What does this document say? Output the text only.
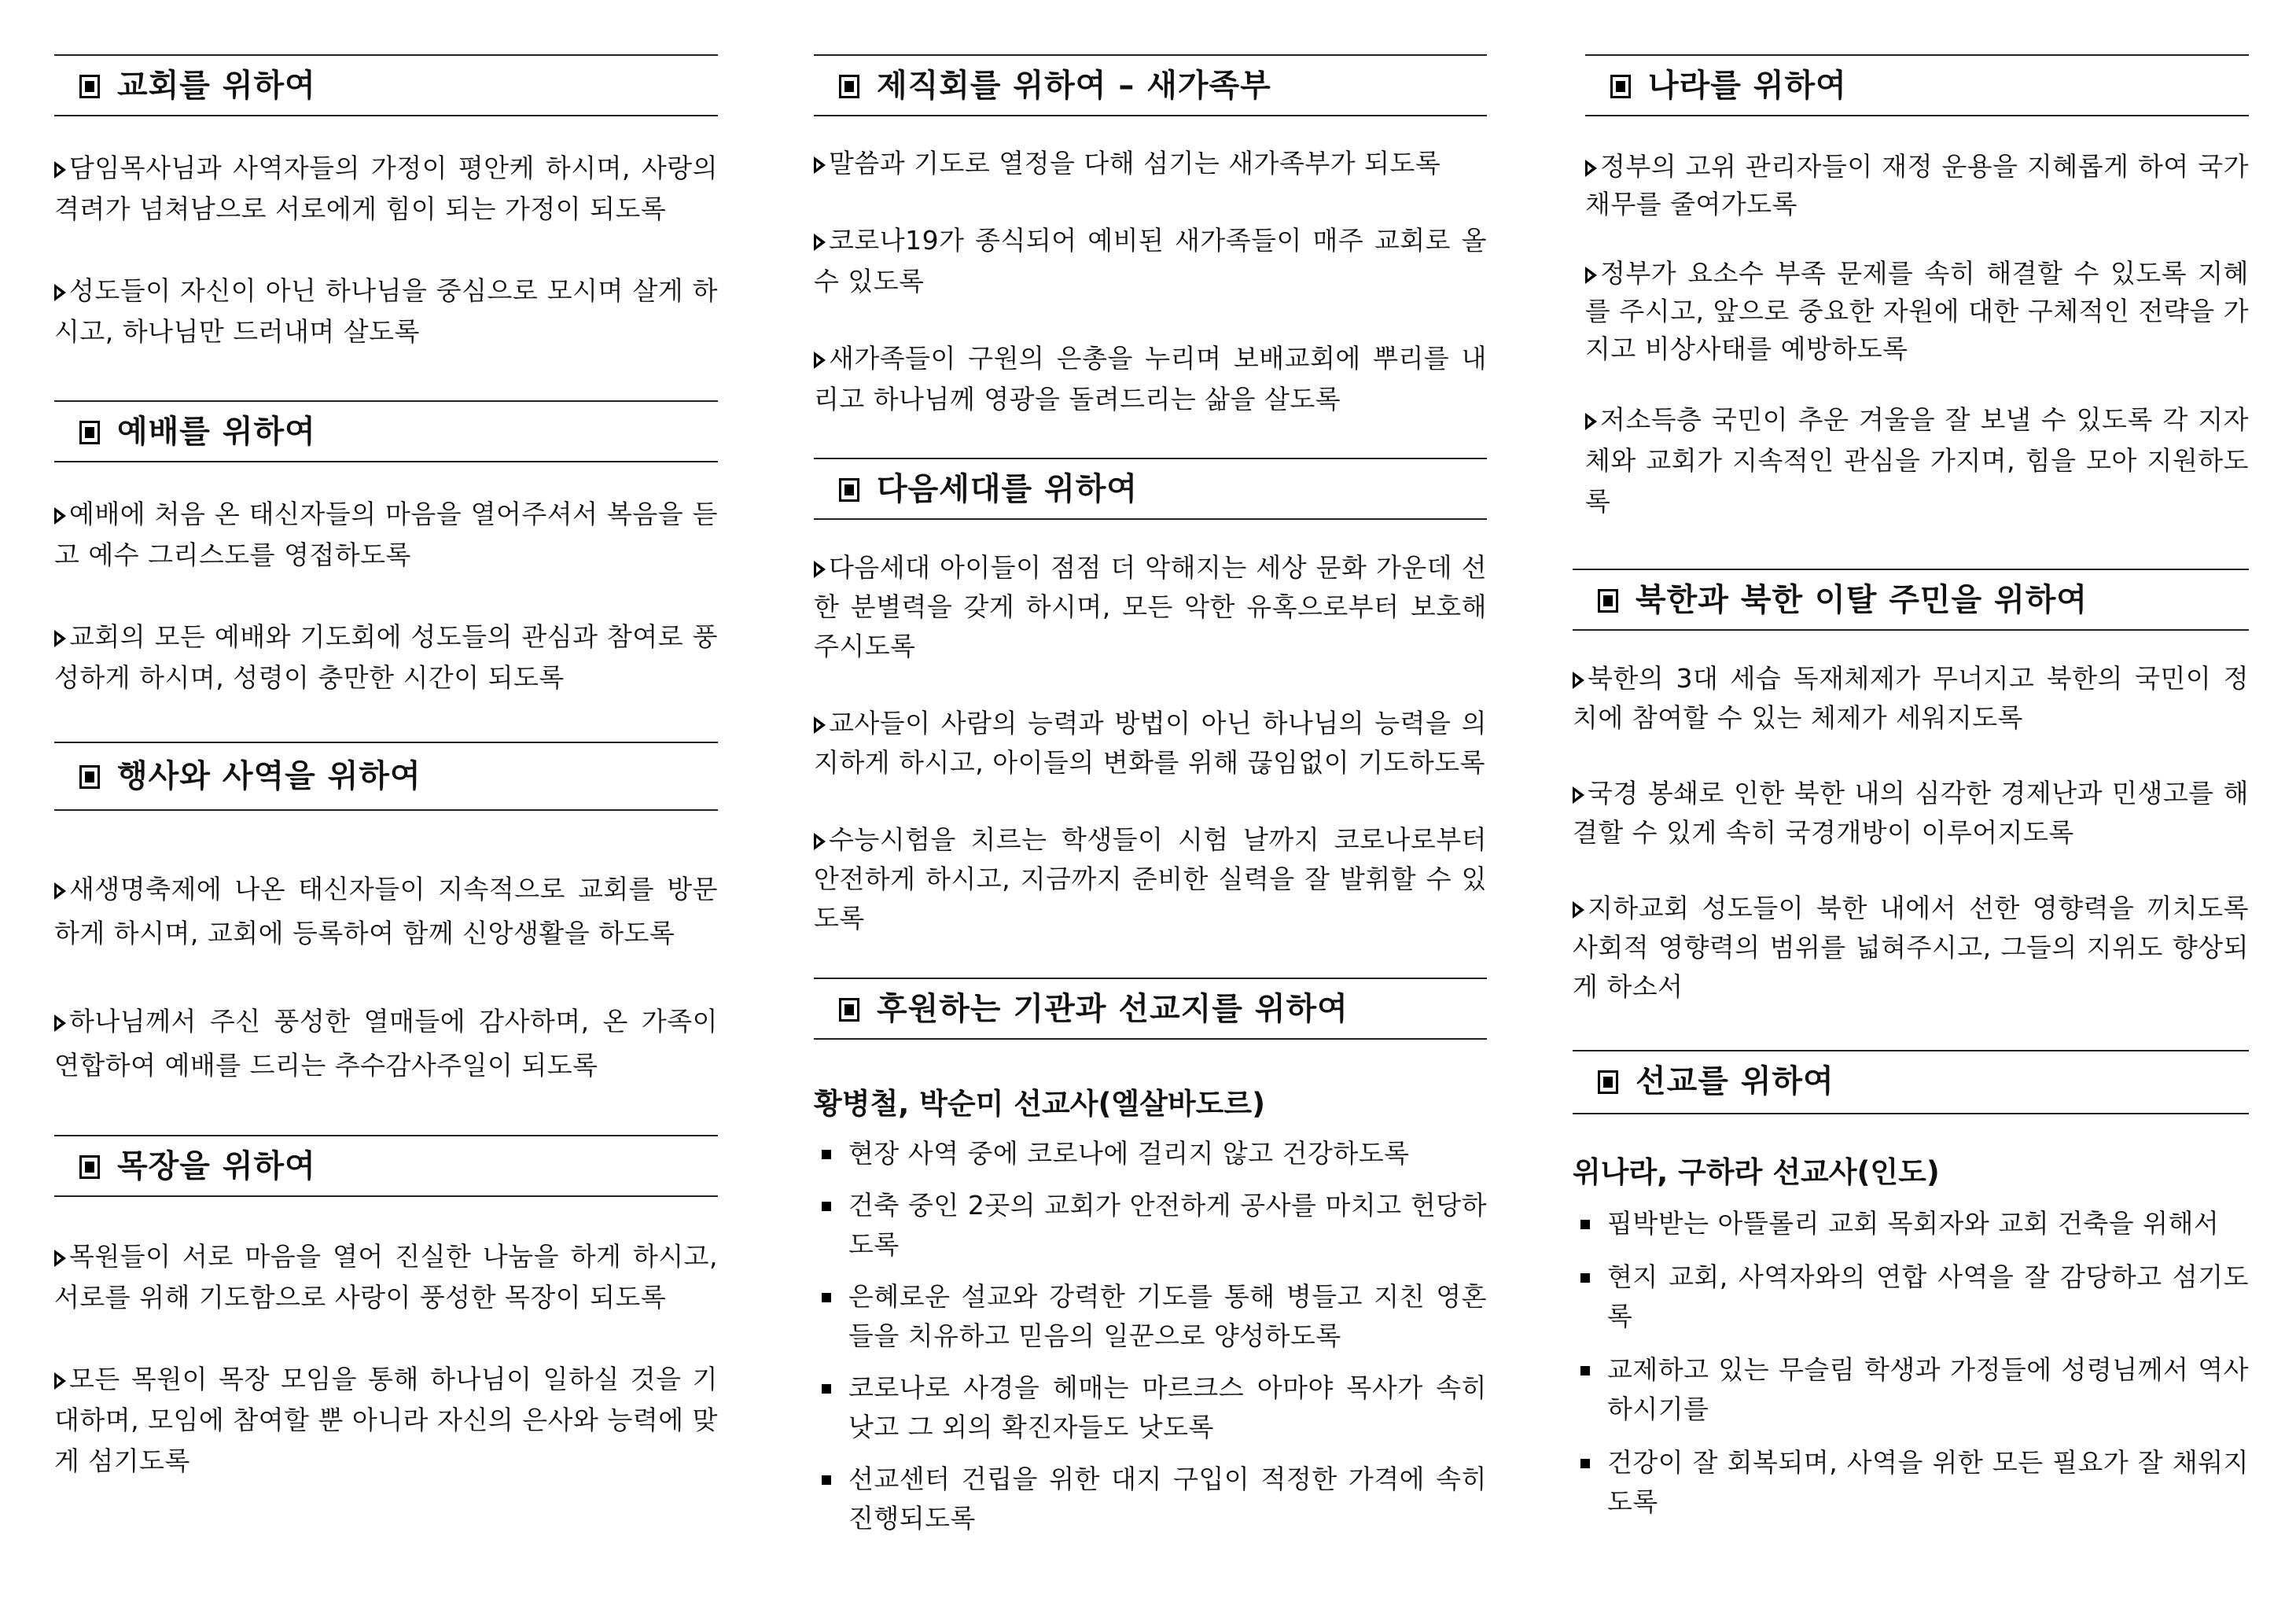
교회를 위하여

담임목사님과 사역자들의 가정이 평안케 하시며, 사랑의 격려가 넘쳐남으로 서로에게 힘이 되는 가정이 되도록

성도들이 자신이 아닌 하나님을 중심으로 모시며 살게 하시고, 하나님만 드러내며 살도록

예배를 위하여

예배에 처음 온 태신자들의 마음을 열어주셔서 복음을 듣고 예수 그리스도를 영접하도록

교회의 모든 예배와 기도회에 성도들의 관심과 참여로 풍성하게 하시며, 성령이 충만한 시간이 되도록

행사와 사역을 위하여

새생명축제에 나온 태신자들이 지속적으로 교회를 방문하게 하시며, 교회에 등록하여 함께 신앙생활을 하도록

하나님께서 주신 풍성한 열매들에 감사하며, 온 가족이 연합하여 예배를 드리는 추수감사주일이 되도록

목장을 위하여

목원들이 서로 마음을 열어 진실한 나눔을 하게 하시고, 서로를 위해 기도함으로 사랑이 풍성한 목장이 되도록

모든 목원이 목장 모임을 통해 하나님이 일하실 것을 기대하며, 모임에 참여할 뿐 아니라 자신의 은사와 능력에 맞게 섬기도록

제직회를 위하여 – 새가족부

말씀과 기도로 열정을 다해 섬기는 새가족부가 되도록

코로나19가 종식되어 예비된 새가족들이 매주 교회로 올 수 있도록

새가족들이 구원의 은총을 누리며 보배교회에 뿌리를 내리고 하나님께 영광을 돌려드리는 삶을 살도록

다음세대를 위하여

다음세대 아이들이 점점 더 악해지는 세상 문화 가운데 선한 분별력을 갖게 하시며, 모든 악한 유혹으로부터 보호해주시도록

교사들이 사람의 능력과 방법이 아닌 하나님의 능력을 의지하게 하시고, 아이들의 변화를 위해 끊임없이 기도하도록

수능시험을 치르는 학생들이 시험 날까지 코로나로부터 안전하게 하시고, 지금까지 준비한 실력을 잘 발휘할 수 있도록

후원하는 기관과 선교지를 위하여

황병철, 박순미 선교사(엘살바도르)

현장 사역 중에 코로나에 걸리지 않고 건강하도록

건축 중인 2곳의 교회가 안전하게 공사를 마치고 헌당하도록

은혜로운 설교와 강력한 기도를 통해 병들고 지친 영혼들을 치유하고 믿음의 일꾼으로 양성하도록

코로나로 사경을 헤매는 마르크스 아마야 목사가 속히 낫고 그 외의 확진자들도 낫도록

선교센터 건립을 위한 대지 구입이 적정한 가격에 속히 진행되도록

나라를 위하여

정부의 고위 관리자들이 재정 운용을 지혜롭게 하여 국가채무를 줄여가도록

정부가 요소수 부족 문제를 속히 해결할 수 있도록 지혜를 주시고, 앞으로 중요한 자원에 대한 구체적인 전략을 가지고 비상사태를 예방하도록

저소득층 국민이 추운 겨울을 잘 보낼 수 있도록 각 지자체와 교회가 지속적인 관심을 가지며, 힘을 모아 지원하도록

북한과 북한 이탈 주민을 위하여

북한의 3대 세습 독재체제가 무너지고 북한의 국민이 정치에 참여할 수 있는 체제가 세워지도록

국경 봉쇄로 인한 북한 내의 심각한 경제난과 민생고를 해결할 수 있게 속히 국경개방이 이루어지도록

지하교회 성도들이 북한 내에서 선한 영향력을 끼치도록 사회적 영향력의 범위를 넓혀주시고, 그들의 지위도 향상되게 하소서

선교를 위하여

위나라, 구하라 선교사(인도)

핍박받는 아뜰롤리 교회 목회자와 교회 건축을 위해서

현지 교회, 사역자와의 연합 사역을 잘 감당하고 섬기도록

교제하고 있는 무슬림 학생과 가정들에 성령님께서 역사하시기를

건강이 잘 회복되며, 사역을 위한 모든 필요가 잘 채워지도록
